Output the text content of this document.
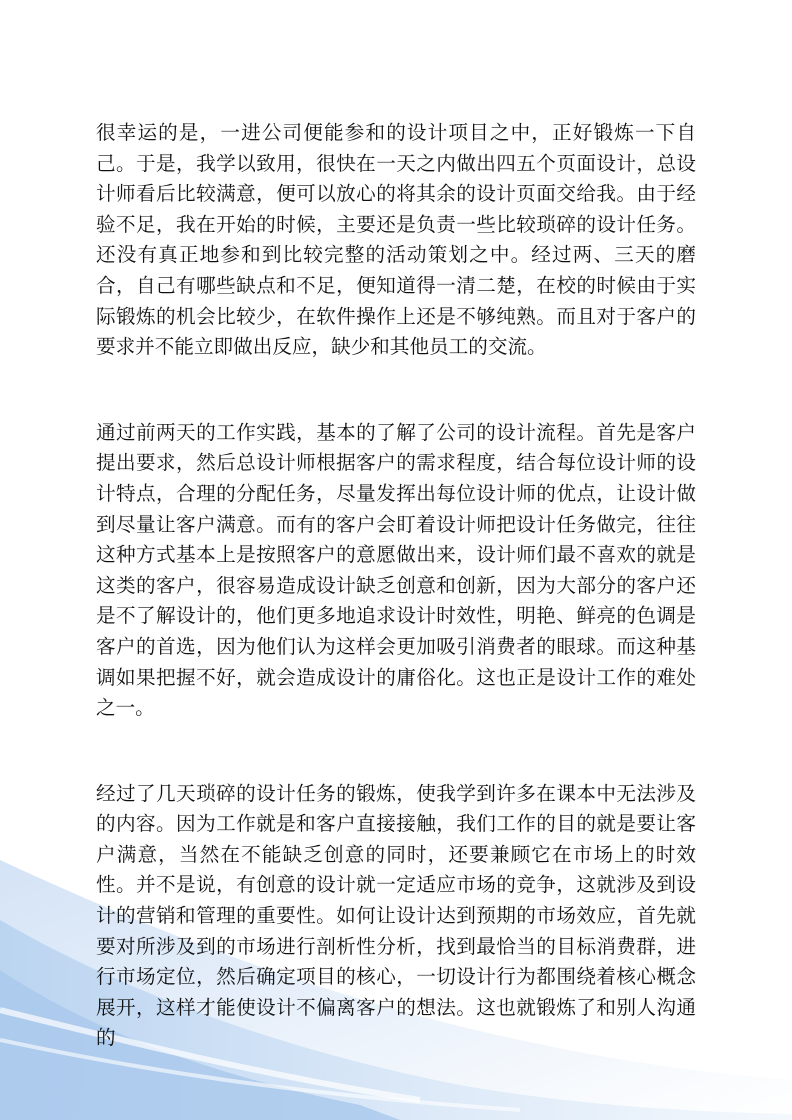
很幸运的是，一进公司便能参和的设计项目之中，正好锻炼一下自己。于是，我学以致用，很快在一天之内做出四五个页面设计，总设计师看后比较满意，便可以放心的将其余的设计页面交给我。由于经验不足，我在开始的时候，主要还是负责一些比较琐碎的设计任务。还没有真正地参和到比较完整的活动策划之中。经过两、三天的磨合，自己有哪些缺点和不足，便知道得一清二楚，在校的时候由于实际锻炼的机会比较少，在软件操作上还是不够纯熟。而且对于客户的要求并不能立即做出反应，缺少和其他员工的交流。

通过前两天的工作实践，基本的了解了公司的设计流程。首先是客户提出要求，然后总设计师根据客户的需求程度，结合每位设计师的设计特点，合理的分配任务，尽量发挥出每位设计师的优点，让设计做到尽量让客户满意。而有的客户会盯着设计师把设计任务做完，往往这种方式基本上是按照客户的意愿做出来，设计师们最不喜欢的就是这类的客户，很容易造成设计缺乏创意和创新，因为大部分的客户还是不了解设计的，他们更多地追求设计时效性，明艳、鲜亮的色调是客户的首选，因为他们认为这样会更加吸引消费者的眼球。而这种基调如果把握不好，就会造成设计的庸俗化。这也正是设计工作的难处之一。

经过了几天琐碎的设计任务的锻炼，使我学到许多在课本中无法涉及的内容。因为工作就是和客户直接接触，我们工作的目的就是要让客户满意，当然在不能缺乏创意的同时，还要兼顾它在市场上的时效性。并不是说，有创意的设计就一定适应市场的竞争，这就涉及到设计的营销和管理的重要性。如何让设计达到预期的市场效应，首先就要对所涉及到的市场进行剖析性分析，找到最恰当的目标消费群，进行市场定位，然后确定项目的核心，一切设计行为都围绕着核心概念展开，这样才能使设计不偏离客户的想法。这也就锻炼了和别人沟通的
